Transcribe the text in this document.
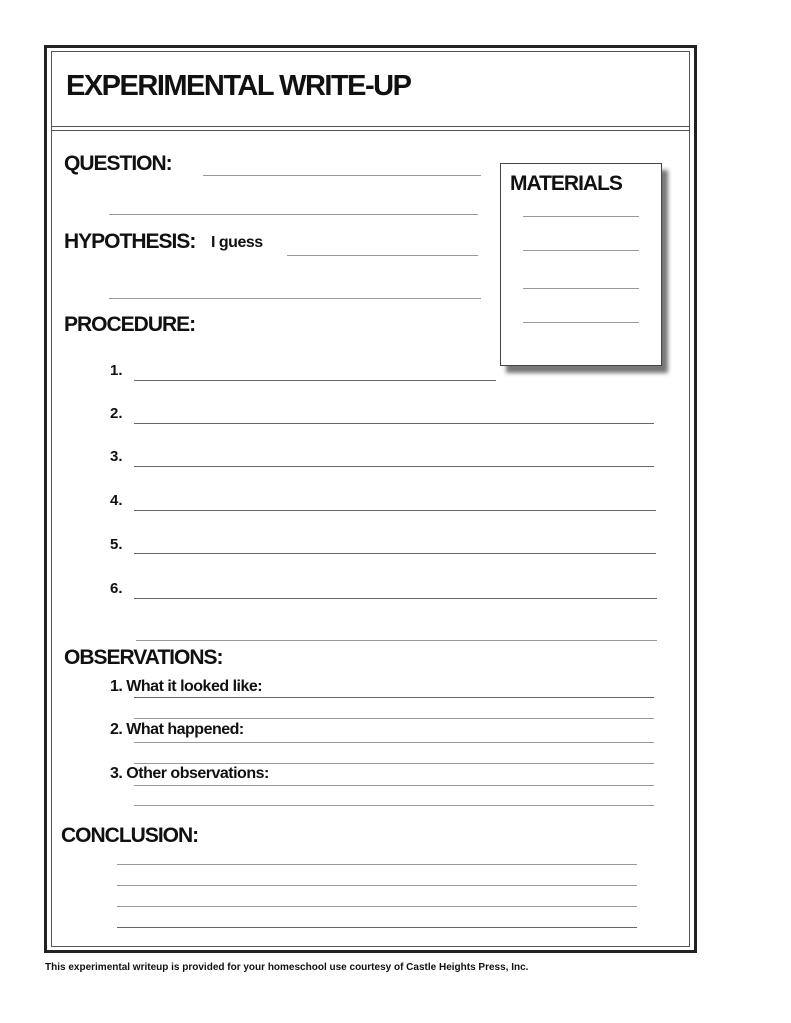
EXPERIMENTAL WRITE-UP
QUESTION:
HYPOTHESIS: I guess
MATERIALS
PROCEDURE:
1.
2.
3.
4.
5.
6.
OBSERVATIONS:
1. What it looked like:
2. What happened:
3. Other observations:
CONCLUSION:
This experimental writeup is provided for your homeschool use courtesy of Castle Heights Press, Inc.
